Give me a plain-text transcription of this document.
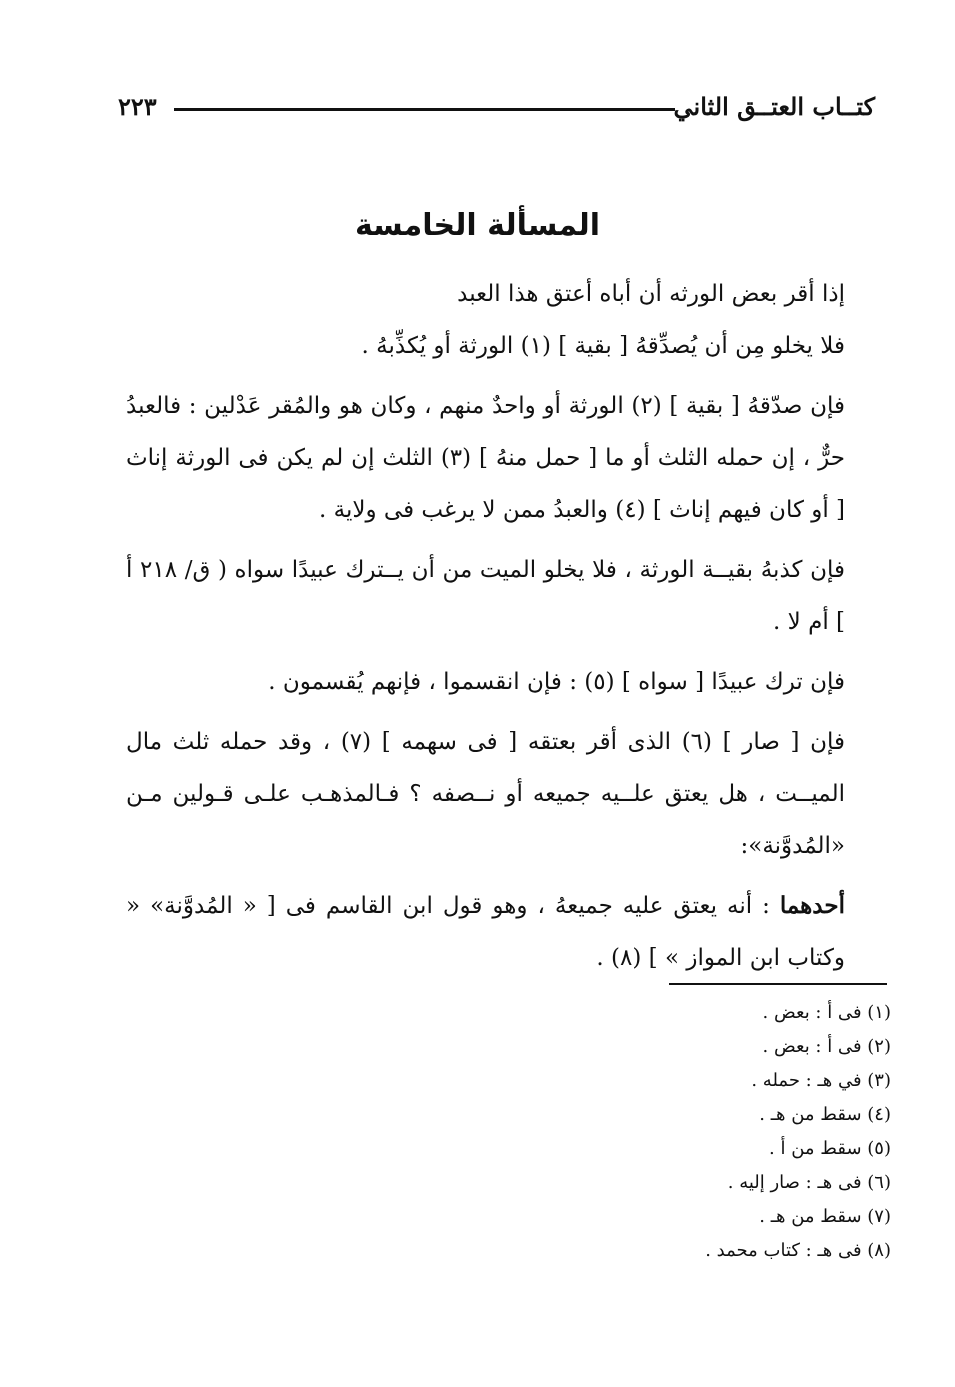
كتــاب العتــق الثاني
٢٢٣
المسألة الخامسة

إذا أقر بعض الورثه أن أباه أعتق هذا العبد

فلا يخلو مِن أن يُصدِّقهُ [ بقية ] (١) الورثة أو يُكذِّبهُ .

فإن صدّقهُ [ بقية ] (٢) الورثة أو واحدٌ منهم ، وكان هو والمُقر عَدْلين : فالعبدُ حرٌّ ، إن حمله الثلث أو ما [ حمل منهُ ] (٣) الثلث إن لم يكن فى الورثة إناث [ أو كان فيهم إناث ] (٤) والعبدُ ممن لا يرغب فى ولاية .

فإن كذبهُ بقيــة الورثة ، فلا يخلو الميت من أن يــترك عبيدًا سواه ( ق/ ٢١٨ أ ] أم لا .

فإن ترك عبيدًا [ سواه ] (٥) : فإن انقسموا ، فإنهم يُقسمون .

فإن [ صار ] (٦) الذى أقر بعتقه [ فى سهمه ] (٧) ، وقد حمله ثلث مال الميــت ، هل يعتق علــيه جميعه أو نــصفه ؟ فـالمذهـب علـى قـولين مـن «المُدوَّنة»:

أحدهما : أنه يعتق عليه جميعهُ ، وهو قول ابن القاسم فى [ « المُدوَّنة» « وكتاب ابن المواز » ] (٨) .

(١) فى أ : بعض .
(٢) فى أ : بعض .
(٣) في هـ : حمله .
(٤) سقط من هـ .
(٥) سقط من أ .
(٦) فى هـ : صار إليه .
(٧) سقط من هـ .
(٨) فى هـ : كتاب محمد .
